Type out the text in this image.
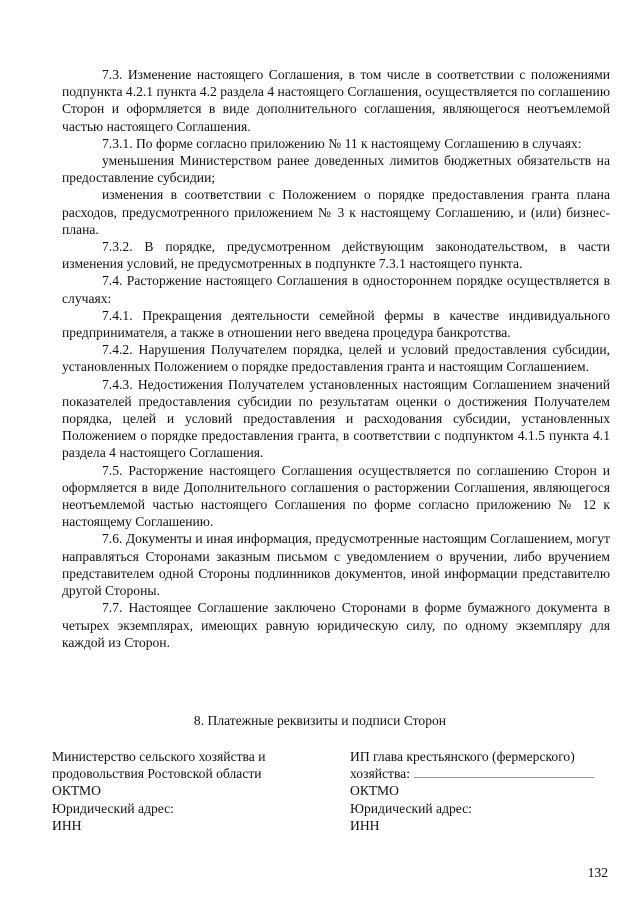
7.3. Изменение настоящего Соглашения, в том числе в соответствии с положениями подпункта 4.2.1 пункта 4.2 раздела 4 настоящего Соглашения, осуществляется по соглашению Сторон и оформляется в виде дополнительного соглашения, являющегося неотъемлемой частью настоящего Соглашения.

7.3.1. По форме согласно приложению № 11 к настоящему Соглашению в случаях:

уменьшения Министерством ранее доведенных лимитов бюджетных обязательств на предоставление субсидии;

изменения в соответствии с Положением о порядке предоставления гранта плана расходов, предусмотренного приложением № 3 к настоящему Соглашению, и (или) бизнес-плана.

7.3.2. В порядке, предусмотренном действующим законодательством, в части изменения условий, не предусмотренных в подпункте 7.3.1 настоящего пункта.

7.4. Расторжение настоящего Соглашения в одностороннем порядке осуществляется в случаях:

7.4.1. Прекращения деятельности семейной фермы в качестве индивидуального предпринимателя, а также в отношении него введена процедура банкротства.

7.4.2. Нарушения Получателем порядка, целей и условий предоставления субсидии, установленных Положением о порядке предоставления гранта и настоящим Соглашением.

7.4.3. Недостижения Получателем установленных настоящим Соглашением значений показателей предоставления субсидии по результатам оценки о достижения Получателем порядка, целей и условий предоставления и расходования субсидии, установленных Положением о порядке предоставления гранта, в соответствии с подпунктом 4.1.5 пункта 4.1 раздела 4 настоящего Соглашения.

7.5. Расторжение настоящего Соглашения осуществляется по соглашению Сторон и оформляется в виде Дополнительного соглашения о расторжении Соглашения, являющегося неотъемлемой частью настоящего Соглашения по форме согласно приложению № 12 к настоящему Соглашению.

7.6. Документы и иная информация, предусмотренные настоящим Соглашением, могут направляться Сторонами заказным письмом с уведомлением о вручении, либо вручением представителем одной Стороны подлинников документов, иной информации представителю другой Стороны.

7.7. Настоящее Соглашение заключено Сторонами в форме бумажного документа в четырех экземплярах, имеющих равную юридическую силу, по одному экземпляру для каждой из Сторон.

8. Платежные реквизиты и подписи Сторон
Министерство сельского хозяйства и
продовольствия Ростовской области
ОКТМО
Юридический адрес:
ИНН
ИП глава крестьянского (фермерского)
хозяйства:
ОКТМО
Юридический адрес:
ИНН
132
